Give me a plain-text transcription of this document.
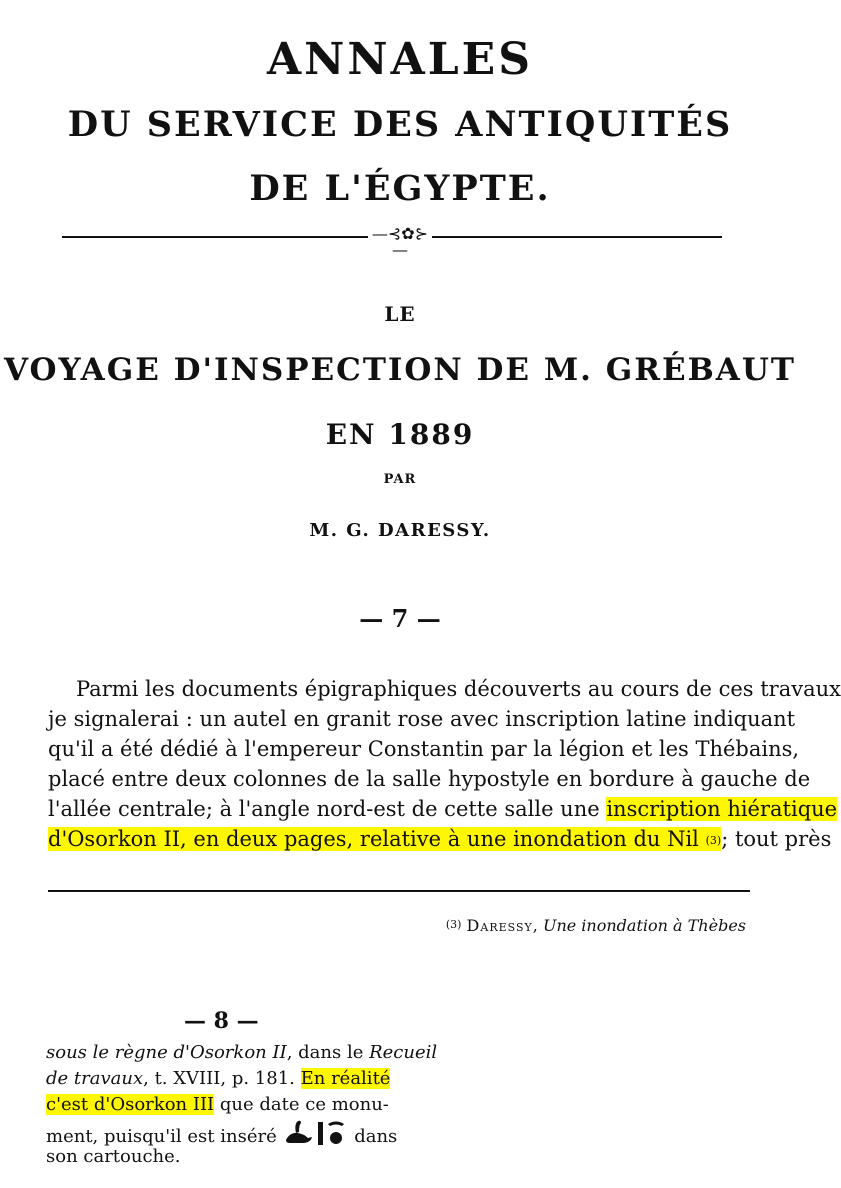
ANNALES
DU SERVICE DES ANTIQUITÉS
DE L'ÉGYPTE.
—⊰✿⊱—
LE
VOYAGE D'INSPECTION DE M. GRÉBAUT
EN 1889
PAR
M. G. DARESSY.
— 7 —
Parmi les documents épigraphiques découverts au cours de ces travaux
je signalerai : un autel en granit rose avec inscription latine indiquant
qu'il a été dédié à l'empereur Constantin par la légion et les Thébains,
placé entre deux colonnes de la salle hypostyle en bordure à gauche de
l'allée centrale; à l'angle nord-est de cette salle une inscription hiératique
d'Osorkon II, en deux pages, relative à une inondation du Nil $^{(3)}$; tout près
$^{(3)}$ Daressy, Une inondation à Thèbes
— 8 —
sous le règne d'Osorkon II, dans le Recueil
de travaux, t. XVIII, p. 181. En réalité
c'est d'Osorkon III que date ce monu-
ment, puisqu'il est inséré	dans
son cartouche.
